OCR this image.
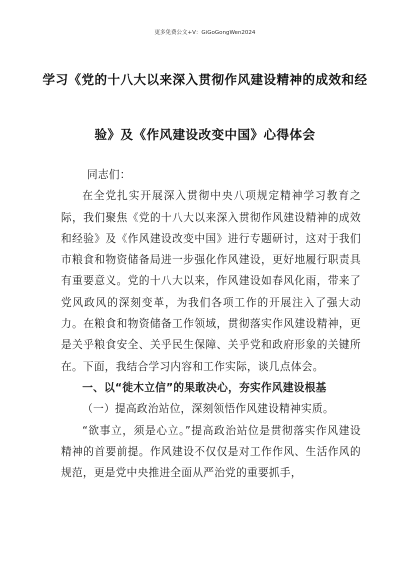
更多免费公文+V：GiGoGongWen2024
学习《党的十八大以来深入贯彻作风建设精神的成效和经
验》及《作风建设改变中国》心得体会

同志们：

在全党扎实开展深入贯彻中央八项规定精神学习教育之际，我们聚焦《党的十八大以来深入贯彻作风建设精神的成效和经验》及《作风建设改变中国》进行专题研讨，这对于我们市粮食和物资储备局进一步强化作风建设，更好地履行职责具有重要意义。党的十八大以来，作风建设如春风化雨，带来了党风政风的深刻变革，为我们各项工作的开展注入了强大动力。在粮食和物资储备工作领域，贯彻落实作风建设精神，更是关乎粮食安全、关乎民生保障、关乎党和政府形象的关键所在。下面，我结合学习内容和工作实际，谈几点体会。

一、以“徙木立信”的果敢决心，夯实作风建设根基

（一）提高政治站位，深刻领悟作风建设精神实质。

“欲事立，须是心立。”提高政治站位是贯彻落实作风建设精神的首要前提。作风建设不仅仅是对工作作风、生活作风的规范，更是党中央推进全面从严治党的重要抓手，
